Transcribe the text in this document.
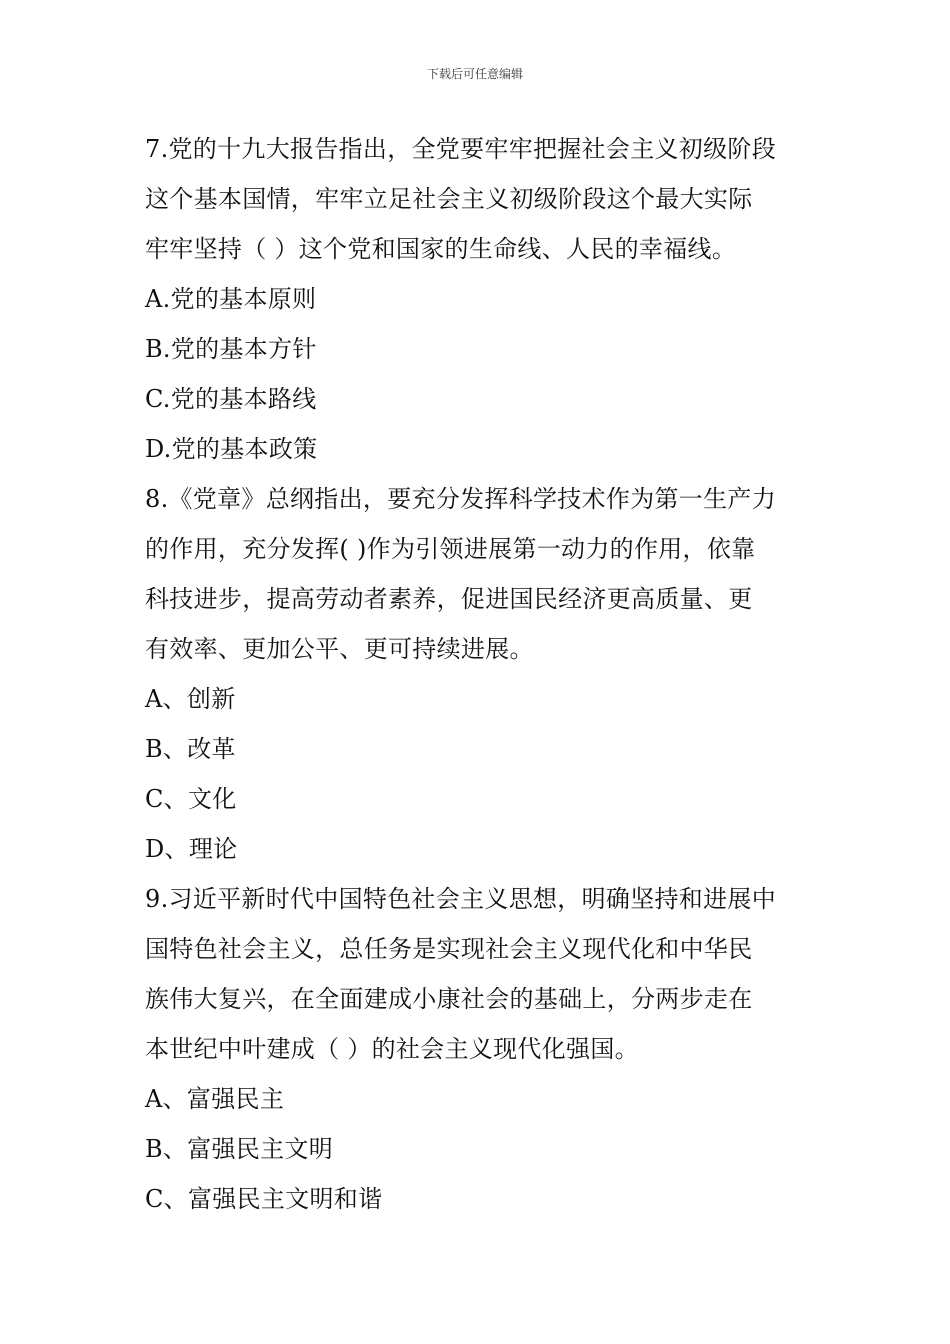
下载后可任意编辑
7.党的十九大报告指出，全党要牢牢把握社会主义初级阶段
这个基本国情，牢牢立足社会主义初级阶段这个最大实际
牢牢坚持（ ）这个党和国家的生命线、人民的幸福线。
A.党的基本原则
B.党的基本方针
C.党的基本路线
D.党的基本政策
8.《党章》总纲指出，要充分发挥科学技术作为第一生产力
的作用，充分发挥( )作为引领进展第一动力的作用，依靠
科技进步，提高劳动者素养，促进国民经济更高质量、更
有效率、更加公平、更可持续进展。
A、创新
B、改革
C、文化
D、理论
9.习近平新时代中国特色社会主义思想，明确坚持和进展中
国特色社会主义，总任务是实现社会主义现代化和中华民
族伟大复兴，在全面建成小康社会的基础上，分两步走在
本世纪中叶建成（ ）的社会主义现代化强国。
A、富强民主
B、富强民主文明
C、富强民主文明和谐
